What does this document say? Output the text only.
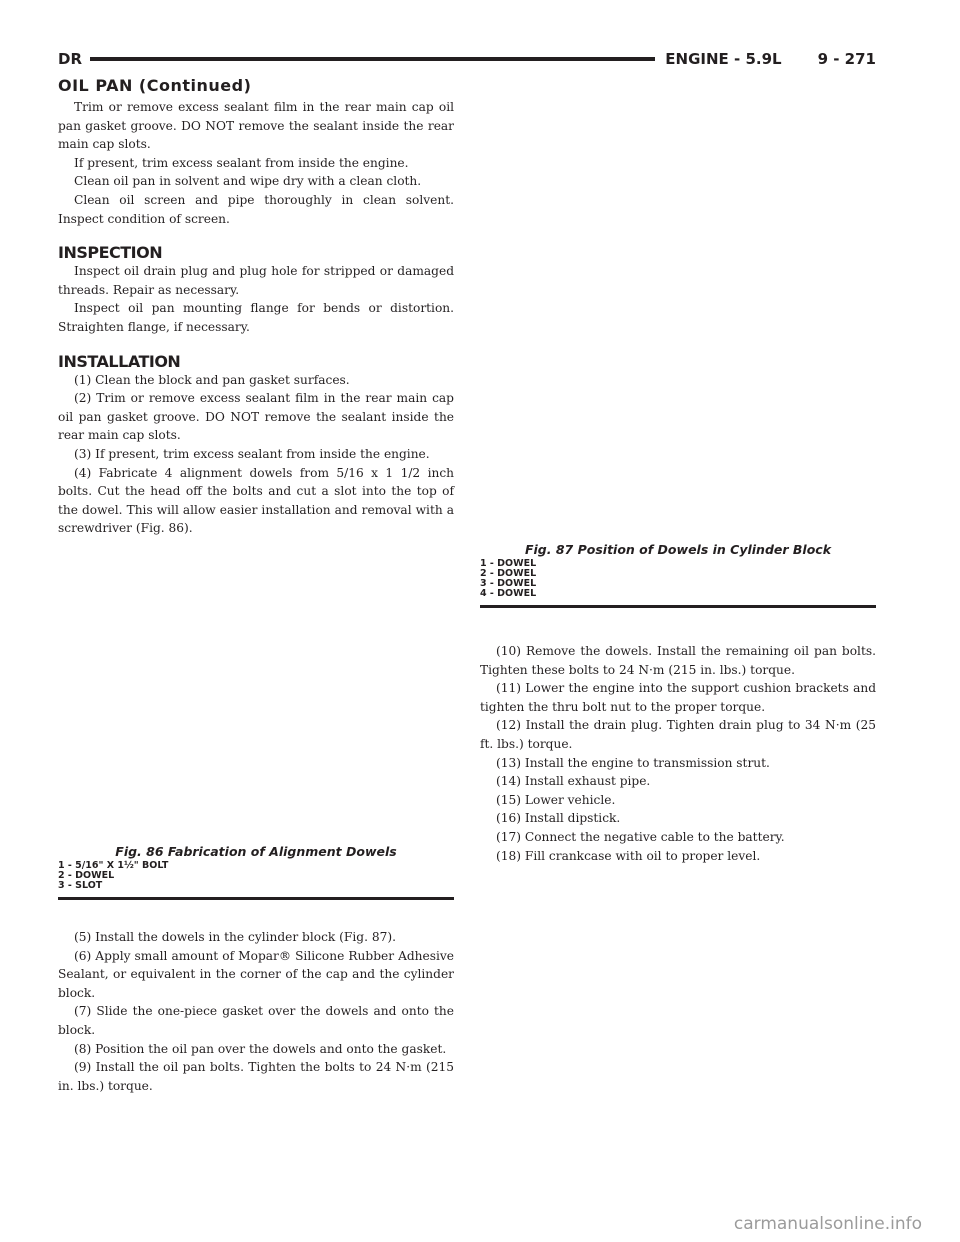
DR	ENGINE - 5.9L 9 - 271
OIL PAN (Continued)

Trim or remove excess sealant film in the rear main cap oil pan gasket groove. DO NOT remove the sealant inside the rear main cap slots.

If present, trim excess sealant from inside the engine.

Clean oil pan in solvent and wipe dry with a clean cloth.

Clean oil screen and pipe thoroughly in clean solvent. Inspect condition of screen.

INSPECTION

Inspect oil drain plug and plug hole for stripped or damaged threads. Repair as necessary.

Inspect oil pan mounting flange for bends or distortion. Straighten flange, if necessary.

INSTALLATION

(1) Clean the block and pan gasket surfaces.

(2) Trim or remove excess sealant film in the rear main cap oil pan gasket groove. DO NOT remove the sealant inside the rear main cap slots.

(3) If present, trim excess sealant from inside the engine.

(4) Fabricate 4 alignment dowels from 5/16 x 1 1/2 inch bolts. Cut the head off the bolts and cut a slot into the top of the dowel. This will allow easier installation and removal with a screwdriver (Fig. 86).

Fig. 86 Fabrication of Alignment Dowels
1 - 5/16" X 1½" BOLT
2 - DOWEL
3 - SLOT

(5) Install the dowels in the cylinder block (Fig. 87).

(6) Apply small amount of Mopar® Silicone Rubber Adhesive Sealant, or equivalent in the corner of the cap and the cylinder block.

(7) Slide the one-piece gasket over the dowels and onto the block.

(8) Position the oil pan over the dowels and onto the gasket.

(9) Install the oil pan bolts. Tighten the bolts to 24 N·m (215 in. lbs.) torque.

Fig. 87 Position of Dowels in Cylinder Block
1 - DOWEL
2 - DOWEL
3 - DOWEL
4 - DOWEL

(10) Remove the dowels. Install the remaining oil pan bolts. Tighten these bolts to 24 N·m (215 in. lbs.) torque.

(11) Lower the engine into the support cushion brackets and tighten the thru bolt nut to the proper torque.

(12) Install the drain plug. Tighten drain plug to 34 N·m (25 ft. lbs.) torque.

(13) Install the engine to transmission strut.

(14) Install exhaust pipe.

(15) Lower vehicle.

(16) Install dipstick.

(17) Connect the negative cable to the battery.

(18) Fill crankcase with oil to proper level.

carmanualsonline.info
